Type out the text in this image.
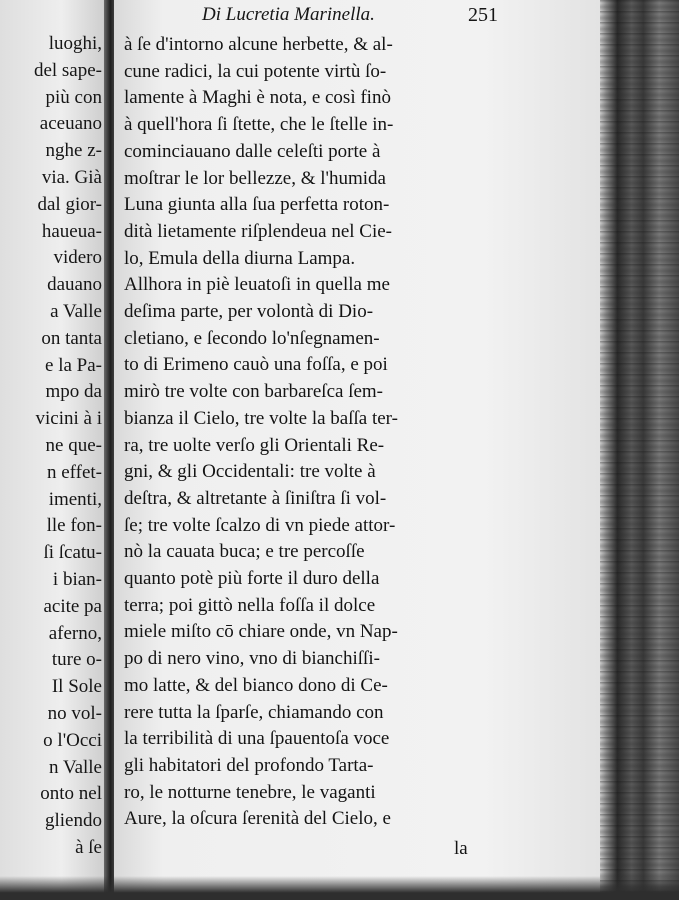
luoghi,
del sape-
più con
aceuano
nghe z-
via. Già
dal gior-
haueua-
videro
dauano
a Valle
on tanta
e la Pa-
mpo da
vicini à i
ne que-
n effet-
imenti,
lle fon-
ſi ſcatu-
i bian-
acite pa
aferno,
ture o-
Il Sole
no vol-
o l'Occi
n Valle
onto nel
gliendo
à ſe
Di Lucretia Marinella.	251
la
à ſe d'intorno alcune herbette, & al-
cune radici, la cui potente virtù ſo-
lamente à Maghi è nota, e così finò
à quell'hora ſi ſtette, che le ſtelle in-
cominciauano dalle celeſti porte à
moſtrar le lor bellezze, & l'humida
Luna giunta alla ſua perfetta roton-
dità lietamente riſplendeua nel Cie-
lo, Emula della diurna Lampa.
Allhora in piè leuatoſi in quella me
deſima parte, per volontà di Dio-
cletiano, e ſecondo lo'nſegnamen-
to di Erimeno cauò una foſſa, e poi
mirò tre volte con barbareſca ſem-
bianza il Cielo, tre volte la baſſa ter-
ra, tre uolte verſo gli Orientali Re-
gni, & gli Occidentali: tre volte à
deſtra, & altretante à ſiniſtra ſi vol-
ſe; tre volte ſcalzo di vn piede attor-
nò la cauata buca; e tre percoſſe
quanto potè più forte il duro della
terra; poi gittò nella foſſa il dolce
miele miſto cō chiare onde, vn Nap-
po di nero vino, vno di bianchiſſi-
mo latte, & del bianco dono di Ce-
rere tutta la ſparſe, chiamando con
la terribilità di una ſpauentoſa voce
gli habitatori del profondo Tarta-
ro, le notturne tenebre, le vaganti
Aure, la oſcura ſerenità del Cielo, e
